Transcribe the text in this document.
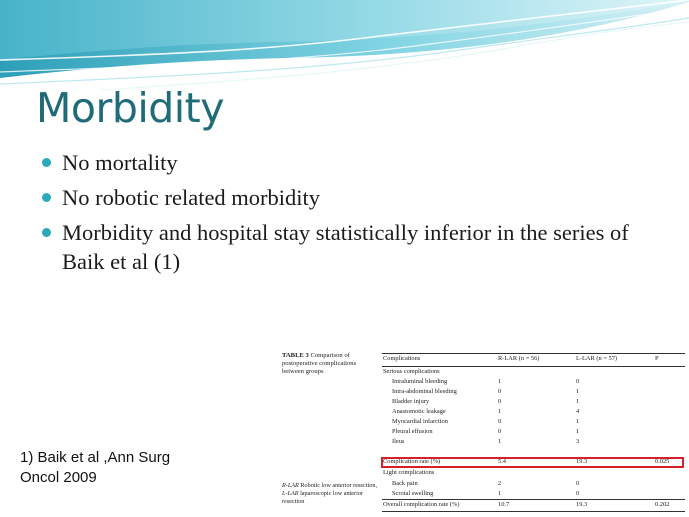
Morbidity
No mortality
No robotic related morbidity
Morbidity and hospital stay statistically inferior in the series of Baik et al (1)
1) Baik et al ,Ann Surg
Oncol 2009
TABLE 3 Comparison of postoperative complications between groups
R-LAR Robotic low anterior resection, L-LAR laparoscopic low anterior resection
Complications	R-LAR (n = 56)	L-LAR (n = 57)	P
Serious complications
Intraluminal bleeding	1	0
Intra-abdominal bleeding	0	1
Bladder injury	0	1
Anastomotic leakage	1	4
Myocardial infarction	0	1
Pleural effusion	0	1
Ileus	1	3
Complication rate (%)	5.4	19.3	0.025
Light complications
Back pain	2	0
Scrotal swelling	1	0
Overall complication rate (%)	10.7	19.3	0.202
